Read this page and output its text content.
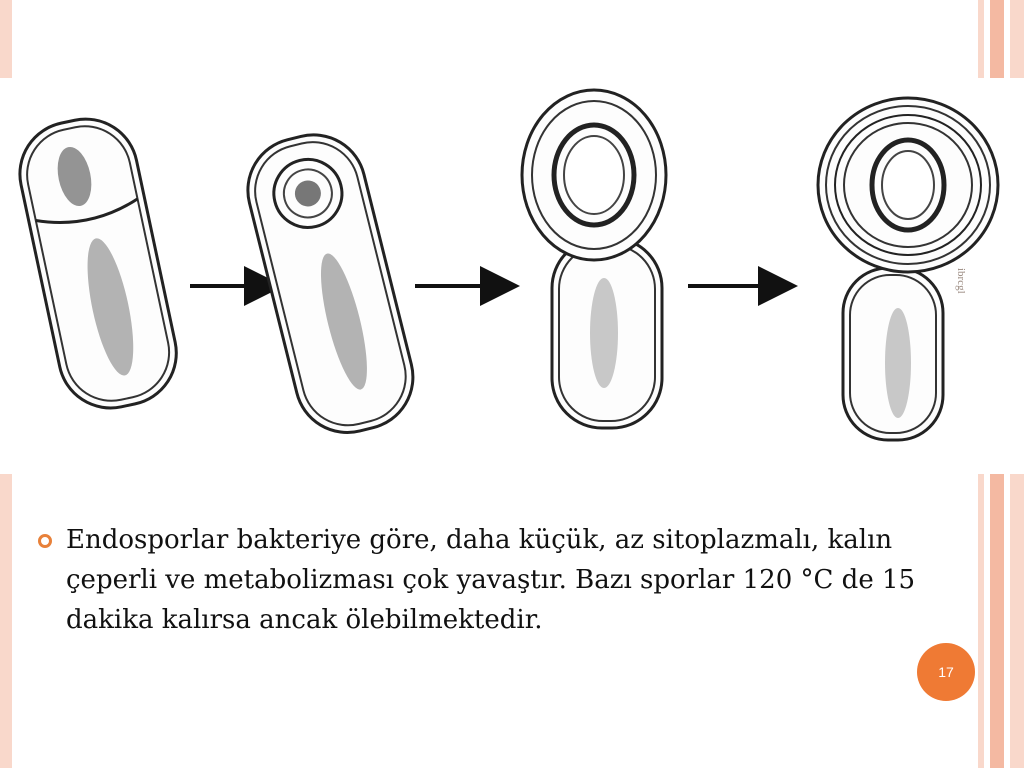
ibrcgl

Endosporlar bakteriye göre, daha küçük, az sitoplazmalı, kalın çeperli ve metabolizması çok yavaştır. Bazı sporlar 120 °C de 15 dakika kalırsa ancak ölebilmektedir.

17
